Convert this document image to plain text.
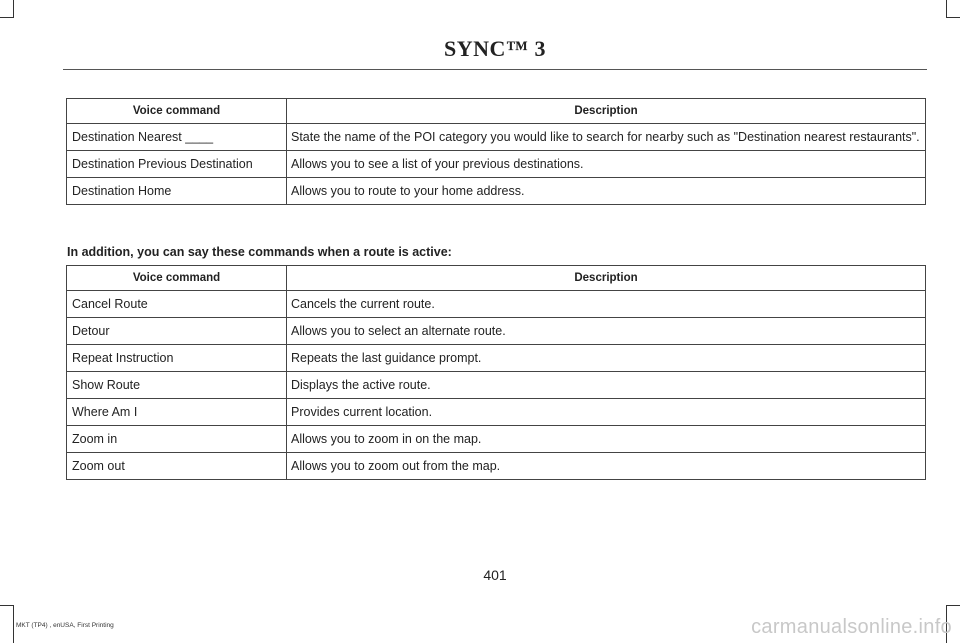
SYNC™ 3
Voice command	Description
Destination Nearest ____	State the name of the POI category you would like to search for nearby such as "Destination nearest restaurants".
Destination Previous Destination	Allows you to see a list of your previous destinations.
Destination Home	Allows you to route to your home address.
In addition, you can say these commands when a route is active:
Voice command	Description
Cancel Route	Cancels the current route.
Detour	Allows you to select an alternate route.
Repeat Instruction	Repeats the last guidance prompt.
Show Route	Displays the active route.
Where Am I	Provides current location.
Zoom in	Allows you to zoom in on the map.
Zoom out	Allows you to zoom out from the map.
401
MKT (TP4) , enUSA, First Printing	carmanualsonline.info
